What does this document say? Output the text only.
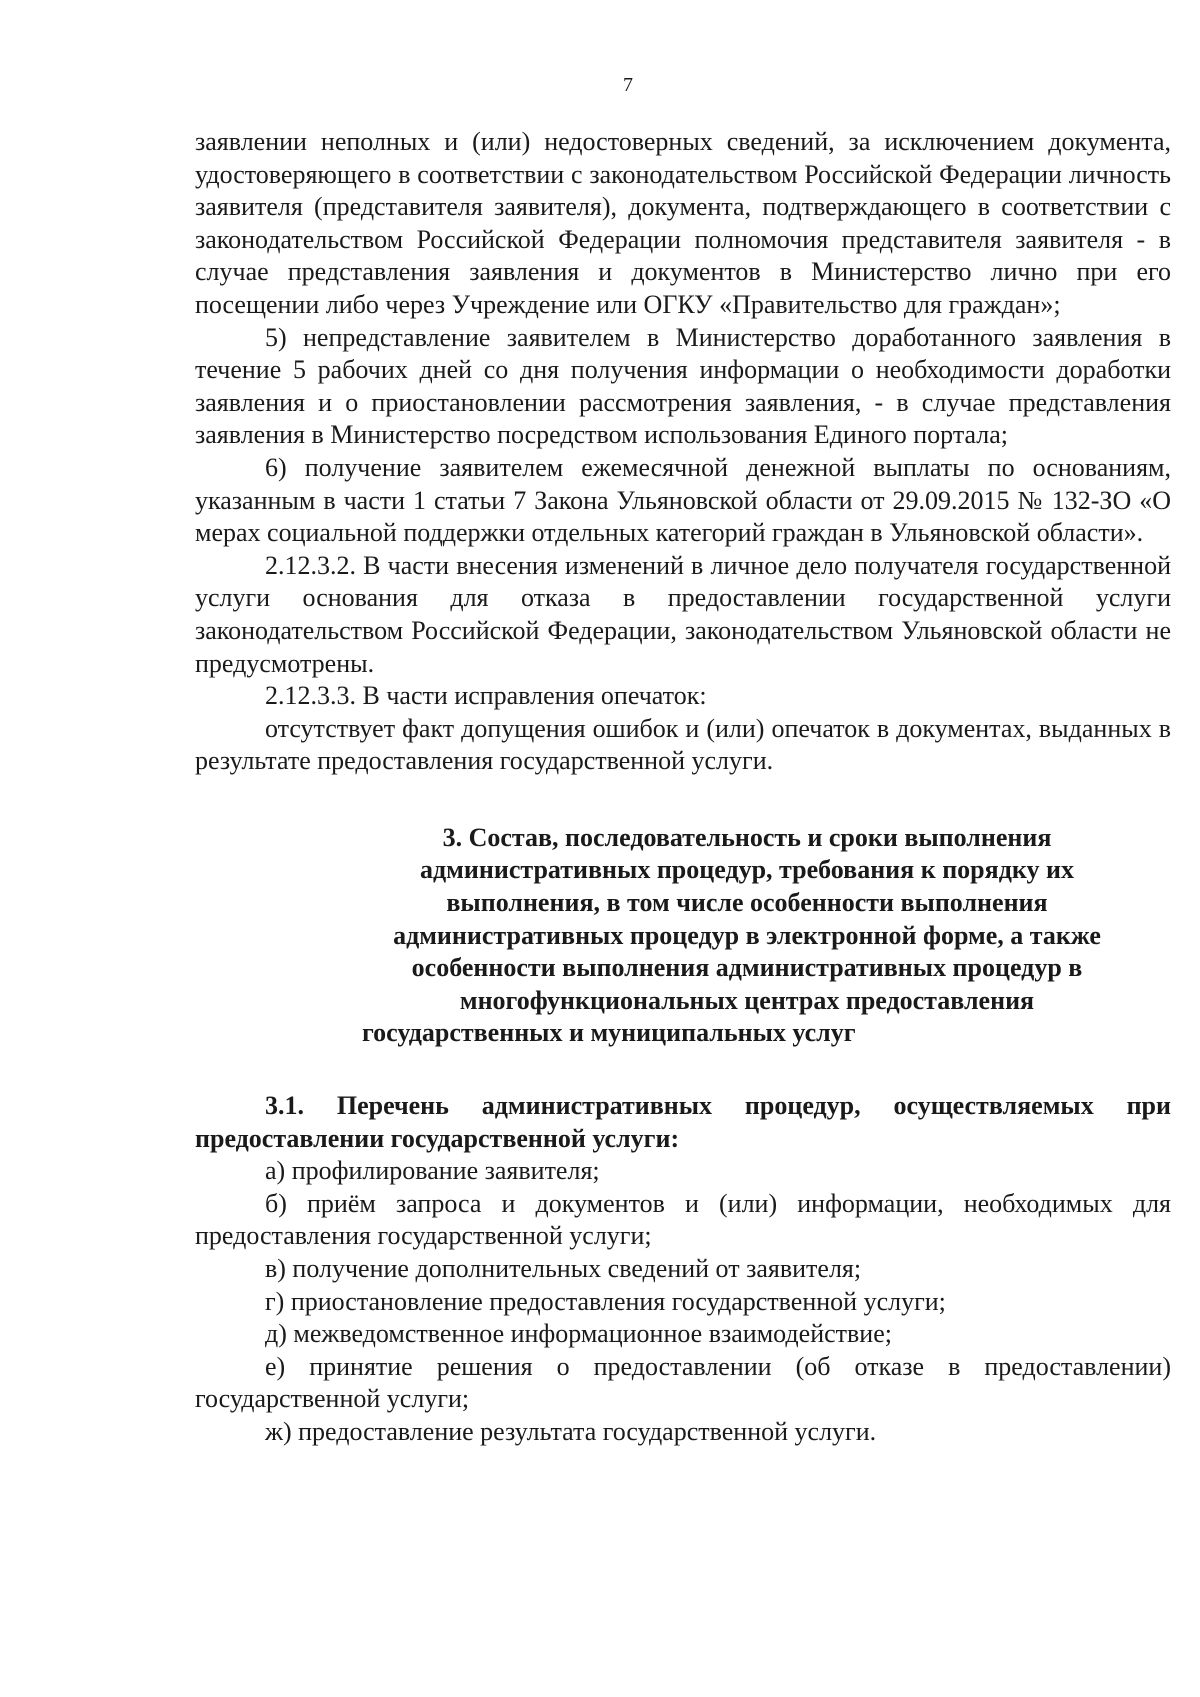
7

заявлении неполных и (или) недостоверных сведений, за исключением документа, удостоверяющего в соответствии с законодательством Российской Федерации личность заявителя (представителя заявителя), документа, подтверждающего в соответствии с законодательством Российской Федерации полномочия представителя заявителя - в случае представления заявления и документов в Министерство лично при его посещении либо через Учреждение или ОГКУ «Правительство для граждан»;

5) непредставление заявителем в Министерство доработанного заявления в течение 5 рабочих дней со дня получения информации о необходимости доработки заявления и о приостановлении рассмотрения заявления, - в случае представления заявления в Министерство посредством использования Единого портала;

6) получение заявителем ежемесячной денежной выплаты по основаниям, указанным в части 1 статьи 7 Закона Ульяновской области от 29.09.2015 № 132-ЗО «О мерах социальной поддержки отдельных категорий граждан в Ульяновской области».

2.12.3.2. В части внесения изменений в личное дело получателя государственной услуги основания для отказа в предоставлении государственной услуги законодательством Российской Федерации, законодательством Ульяновской области не предусмотрены.

2.12.3.3. В части исправления опечаток:

отсутствует факт допущения ошибок и (или) опечаток в документах, выданных в результате предоставления государственной услуги.

3. Состав, последовательность и сроки выполнения административных процедур, требования к порядку их выполнения, в том числе особенности выполнения административных процедур в электронной форме, а также особенности выполнения административных процедур в многофункциональных центрах предоставления государственных и муниципальных услуг

3.1. Перечень административных процедур, осуществляемых при предоставлении государственной услуги:

а) профилирование заявителя;

б) приём запроса и документов и (или) информации, необходимых для предоставления государственной услуги;

в) получение дополнительных сведений от заявителя;

г) приостановление предоставления государственной услуги;

д) межведомственное информационное взаимодействие;

е) принятие решения о предоставлении (об отказе в предоставлении) государственной услуги;

ж) предоставление результата государственной услуги.
